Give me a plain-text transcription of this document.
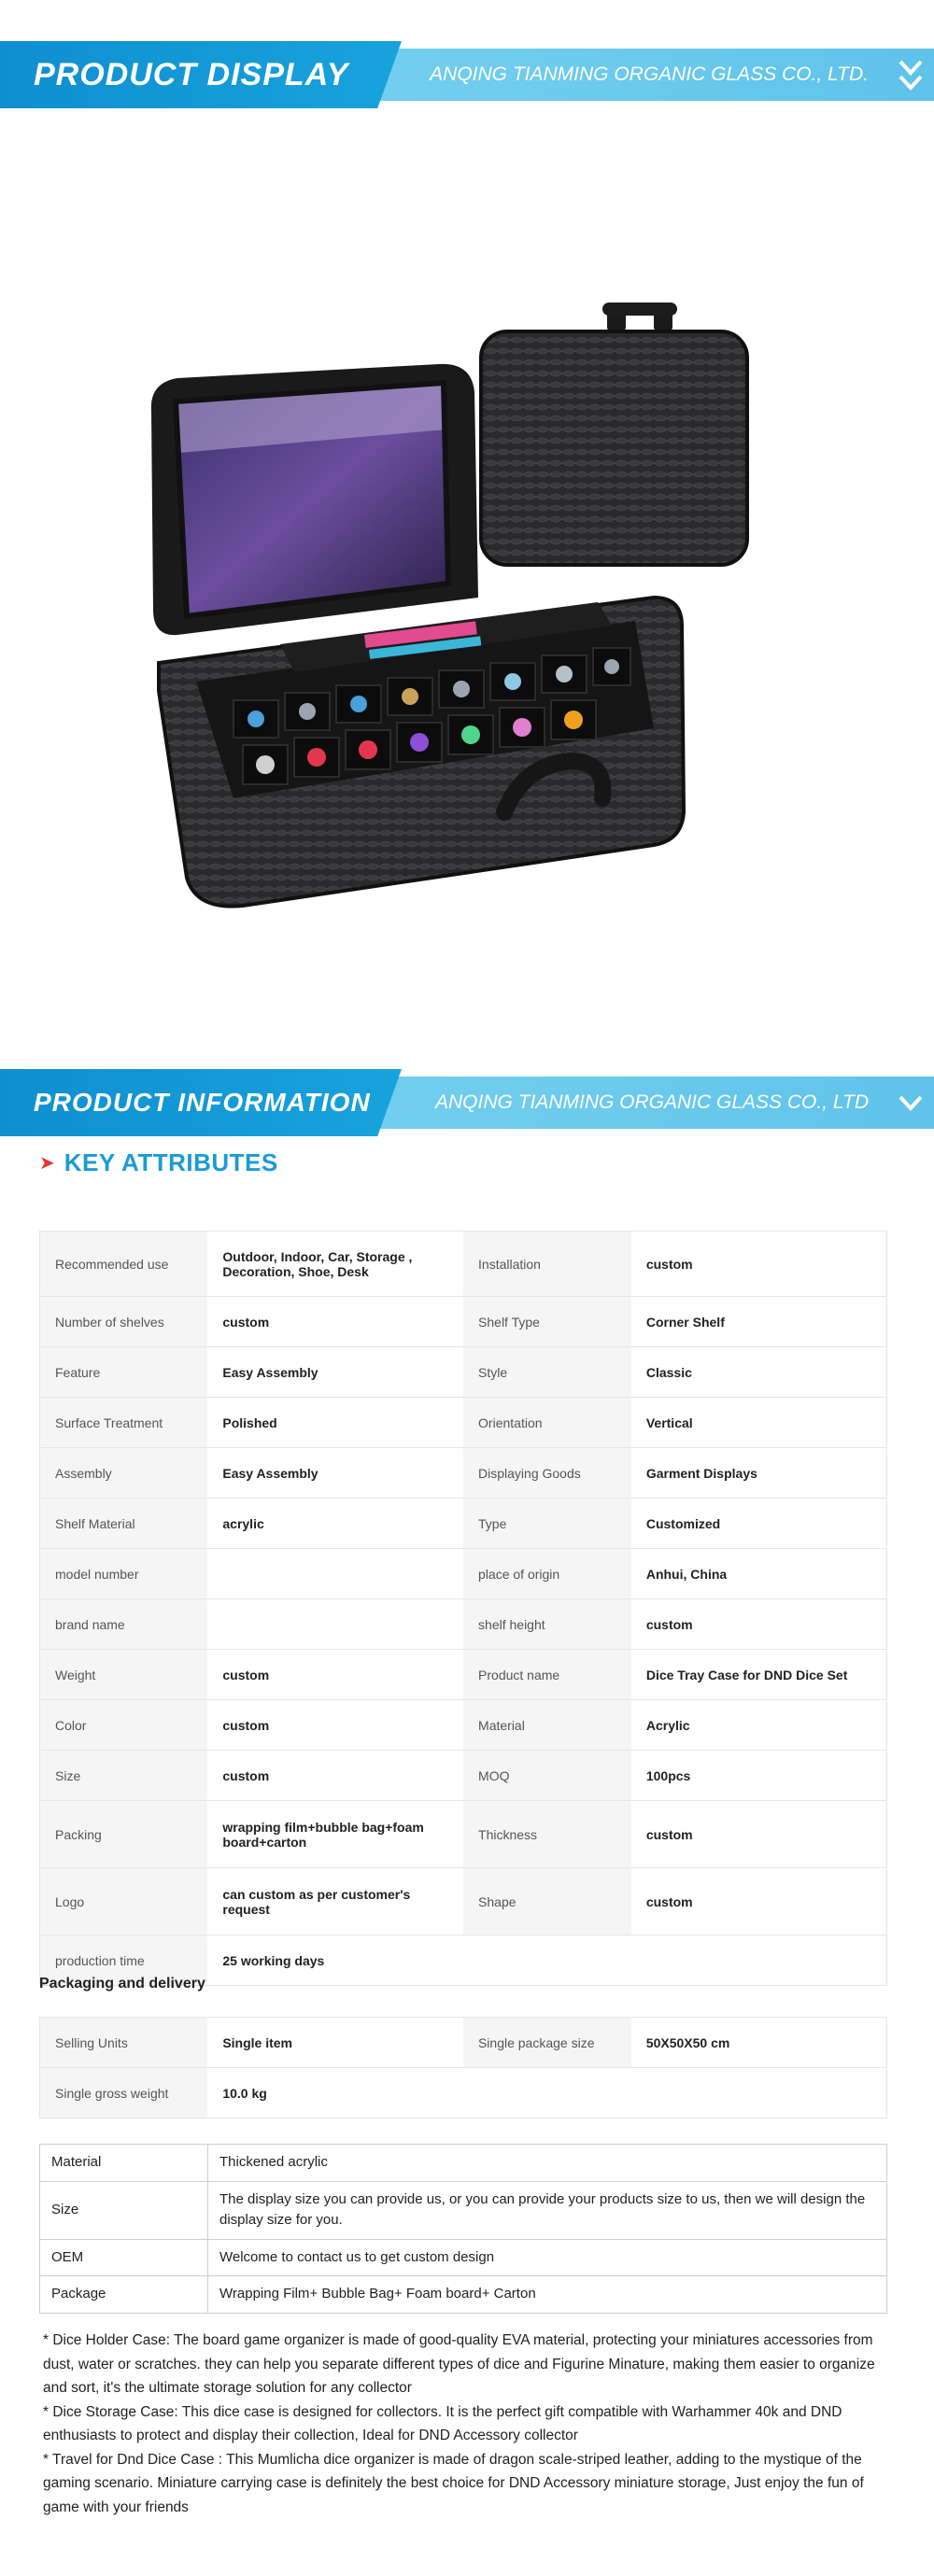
PRODUCT DISPLAY	ANQING TIANMING ORGANIC GLASS CO., LTD.
PRODUCT INFORMATION	ANQING TIANMING ORGANIC GLASS CO., LTD
➤ KEY ATTRIBUTES
Recommended use	Outdoor, Indoor, Car, Storage , Decoration, Shoe, Desk	Installation	custom
Number of shelves	custom	Shelf Type	Corner Shelf
Feature	Easy Assembly	Style	Classic
Surface Treatment	Polished	Orientation	Vertical
Assembly	Easy Assembly	Displaying Goods	Garment Displays
Shelf Material	acrylic	Type	Customized
model number		place of origin	Anhui, China
brand name		shelf height	custom
Weight	custom	Product name	Dice Tray Case for DND Dice Set
Color	custom	Material	Acrylic
Size	custom	MOQ	100pcs
Packing	wrapping film+bubble bag+foam board+carton	Thickness	custom
Logo	can custom as per customer's request	Shape	custom
production time	25 working days		
Packaging and delivery
Selling Units	Single item	Single package size	50X50X50 cm
Single gross weight	10.0 kg		
Material	Thickened acrylic
Size	The display size you can provide us, or you can provide your products size to us, then we will design the display size for you.
OEM	Welcome to contact us to get custom design
Package	Wrapping Film+ Bubble Bag+ Foam board+ Carton

* Dice Holder Case: The board game organizer is made of good-quality EVA material, protecting your miniatures accessories from dust, water or scratches. they can help you separate different types of dice and Figurine Minature, making them easier to organize and sort, it's the ultimate storage solution for any collector

* Dice Storage Case: This dice case is designed for collectors. It is the perfect gift compatible with Warhammer 40k and DND enthusiasts to protect and display their collection, Ideal for DND Accessory collector

* Travel for Dnd Dice Case : This Mumlicha dice organizer is made of dragon scale-striped leather, adding to the mystique of the gaming scenario. Miniature carrying case is definitely the best choice for DND Accessory miniature storage, Just enjoy the fun of game with your friends
